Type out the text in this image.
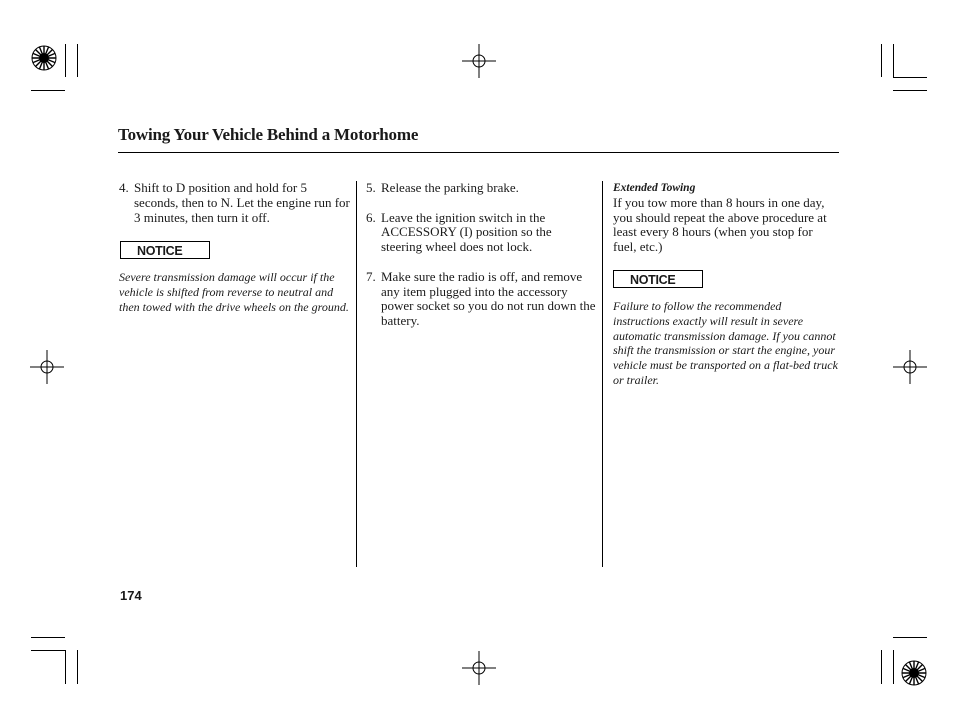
Towing Your Vehicle Behind a Motorhome
4. Shift to D position and hold for 5 seconds, then to N. Let the engine run for 3 minutes, then turn it off.
NOTICE
Severe transmission damage will occur if the vehicle is shifted from reverse to neutral and then towed with the drive wheels on the ground.
5. Release the parking brake.
6. Leave the ignition switch in the ACCESSORY (I) position so the steering wheel does not lock.
7. Make sure the radio is off, and remove any item plugged into the accessory power socket so you do not run down the battery.
Extended Towing
If you tow more than 8 hours in one day, you should repeat the above procedure at least every 8 hours (when you stop for fuel, etc.)
NOTICE
Failure to follow the recommended instructions exactly will result in severe automatic transmission damage. If you cannot shift the transmission or start the engine, your vehicle must be transported on a flat-bed truck or trailer.
174
